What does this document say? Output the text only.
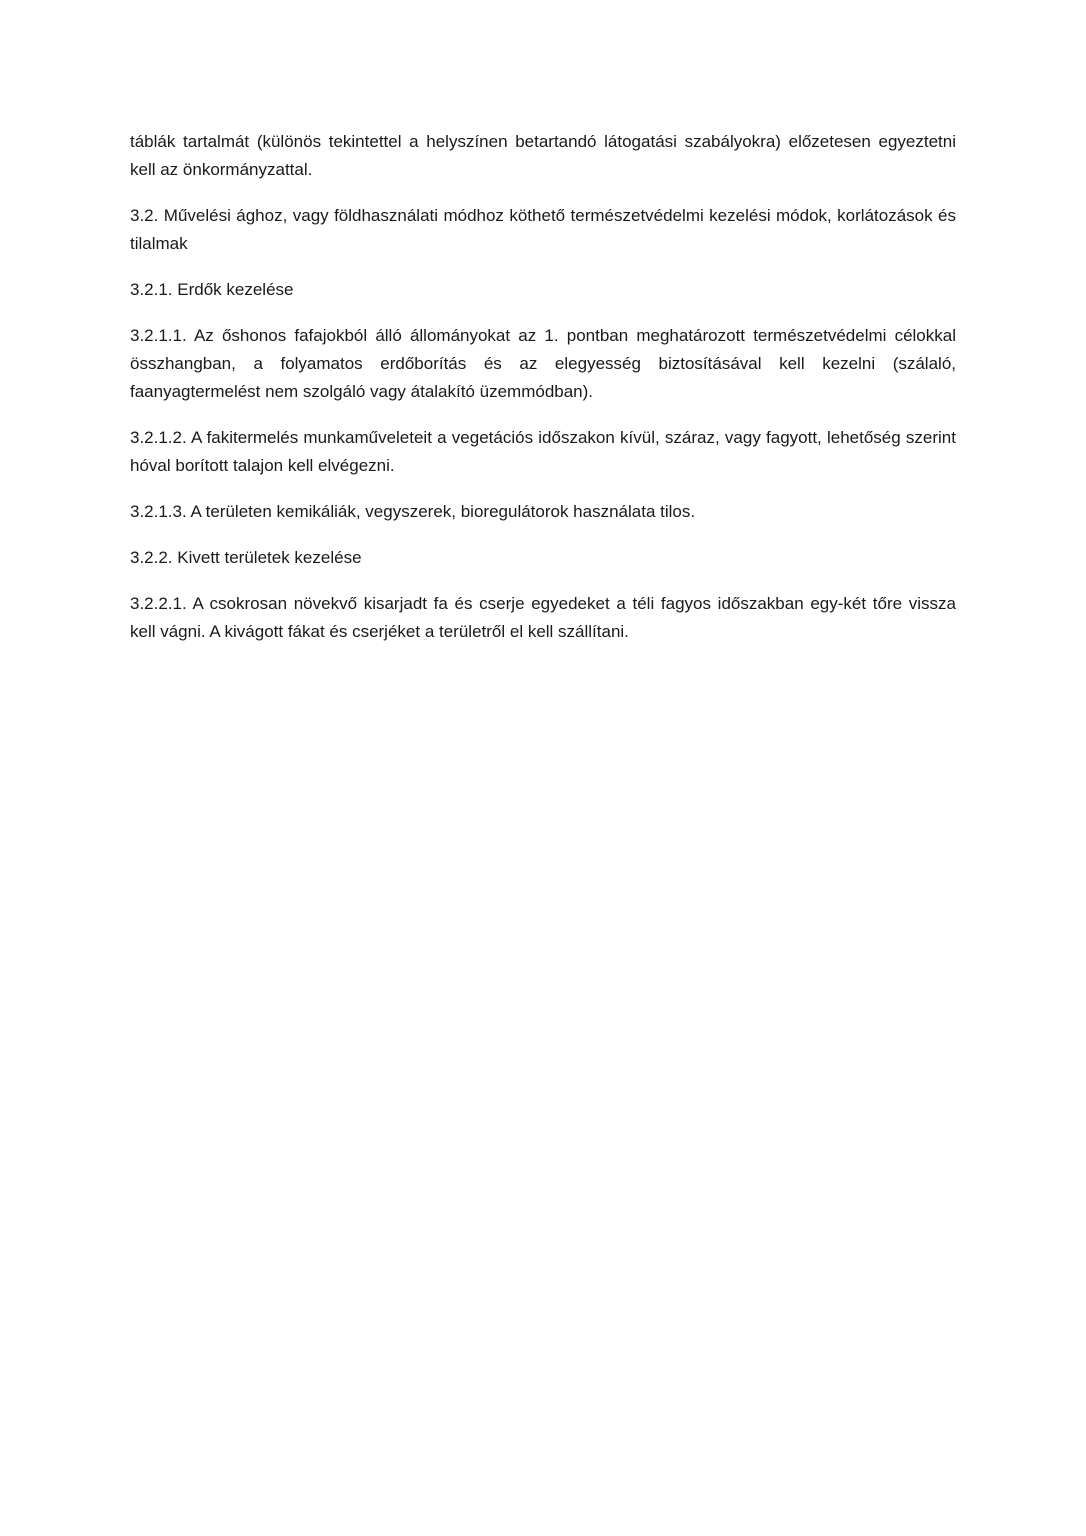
táblák tartalmát (különös tekintettel a helyszínen betartandó látogatási szabályokra) előzetesen egyeztetni kell az önkormányzattal.

3.2. Művelési ághoz, vagy földhasználati módhoz köthető természetvédelmi kezelési módok, korlátozások és tilalmak

3.2.1. Erdők kezelése

3.2.1.1. Az őshonos fafajokból álló állományokat az 1. pontban meghatározott természetvédelmi célokkal összhangban, a folyamatos erdőborítás és az elegyesség biztosításával kell kezelni (szálaló, faanyagtermelést nem szolgáló vagy átalakító üzemmódban).

3.2.1.2. A fakitermelés munkaműveleteit a vegetációs időszakon kívül, száraz, vagy fagyott, lehetőség szerint hóval borított talajon kell elvégezni.

3.2.1.3. A területen kemikáliák, vegyszerek, bioregulátorok használata tilos.

3.2.2. Kivett területek kezelése

3.2.2.1. A csokrosan növekvő kisarjadt fa és cserje egyedeket a téli fagyos időszakban egy-két tőre vissza kell vágni. A kivágott fákat és cserjéket a területről el kell szállítani.
